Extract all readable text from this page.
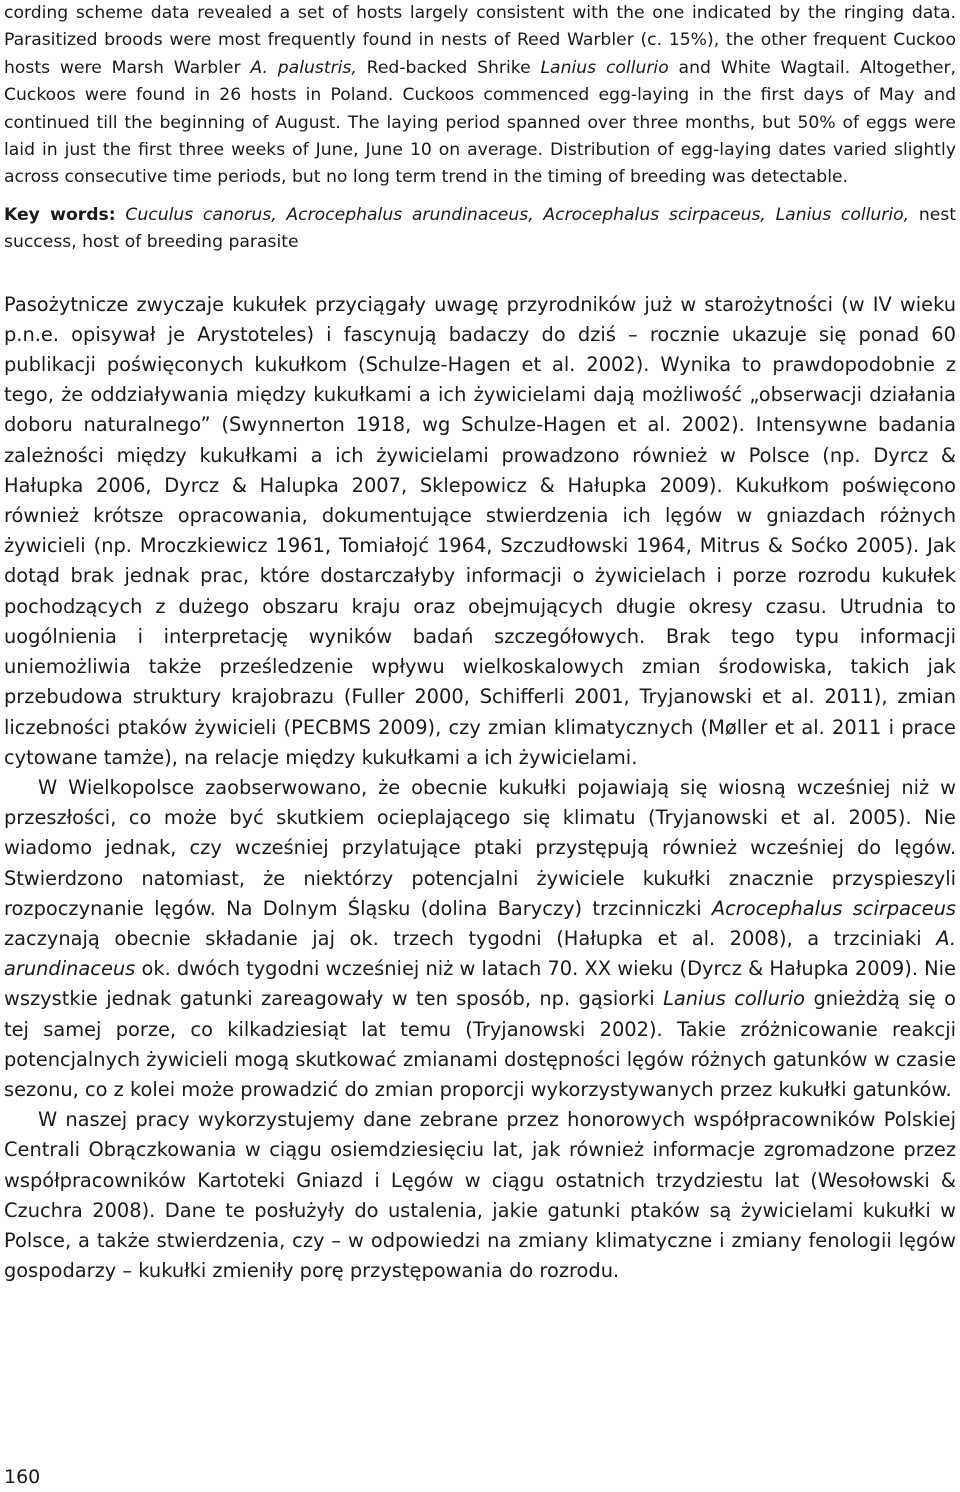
cording scheme data revealed a set of hosts largely consistent with the one indicated by the ringing data. Parasitized broods were most frequently found in nests of Reed Warbler (c. 15%), the other frequent Cuckoo hosts were Marsh Warbler A. palustris, Red-backed Shrike Lanius collurio and White Wagtail. Altogether, Cuckoos were found in 26 hosts in Poland. Cuckoos commenced egg-laying in the first days of May and continued till the beginning of August. The laying period spanned over three months, but 50% of eggs were laid in just the first three weeks of June, June 10 on average. Distribution of egg-laying dates varied slightly across consecutive time periods, but no long term trend in the timing of breeding was detectable.

Key words: Cuculus canorus, Acrocephalus arundinaceus, Acrocephalus scirpaceus, Lanius collurio, nest success, host of breeding parasite

Pasożytnicze zwyczaje kukułek przyciągały uwagę przyrodników już w starożytności (w IV wieku p.n.e. opisywał je Arystoteles) i fascynują badaczy do dziś – rocznie ukazuje się ponad 60 publikacji poświęconych kukułkom (Schulze-Hagen et al. 2002). Wynika to prawdopodobnie z tego, że oddziaływania między kukułkami a ich żywicielami dają możliwość „obserwacji działania doboru naturalnego” (Swynnerton 1918, wg Schulze-Hagen et al. 2002). Intensywne badania zależności między kukułkami a ich żywicielami prowadzono również w Polsce (np. Dyrcz & Hałupka 2006, Dyrcz & Halupka 2007, Sklepowicz & Hałupka 2009). Kukułkom poświęcono również krótsze opracowania, dokumentujące stwierdzenia ich lęgów w gniazdach różnych żywicieli (np. Mroczkiewicz 1961, Tomiałojć 1964, Szczudłowski 1964, Mitrus & Soćko 2005). Jak dotąd brak jednak prac, które dostarczałyby informacji o żywicielach i porze rozrodu kukułek pochodzących z dużego obszaru kraju oraz obejmujących długie okresy czasu. Utrudnia to uogólnienia i interpretację wyników badań szczegółowych. Brak tego typu informacji uniemożliwia także prześledzenie wpływu wielkoskalowych zmian środowiska, takich jak przebudowa struktury krajobrazu (Fuller 2000, Schifferli 2001, Tryjanowski et al. 2011), zmian liczebności ptaków żywicieli (PECBMS 2009), czy zmian klimatycznych (Møller et al. 2011 i prace cytowane tamże), na relacje między kukułkami a ich żywicielami.

W Wielkopolsce zaobserwowano, że obecnie kukułki pojawiają się wiosną wcześniej niż w przeszłości, co może być skutkiem ocieplającego się klimatu (Tryjanowski et al. 2005). Nie wiadomo jednak, czy wcześniej przylatujące ptaki przystępują również wcześniej do lęgów. Stwierdzono natomiast, że niektórzy potencjalni żywiciele kukułki znacznie przyspieszyli rozpoczynanie lęgów. Na Dolnym Śląsku (dolina Baryczy) trzcinniczki Acrocephalus scirpaceus zaczynają obecnie składanie jaj ok. trzech tygodni (Hałupka et al. 2008), a trzciniaki A. arundinaceus ok. dwóch tygodni wcześniej niż w latach 70. XX wieku (Dyrcz & Hałupka 2009). Nie wszystkie jednak gatunki zareagowały w ten sposób, np. gąsiorki Lanius collurio gnieżdżą się o tej samej porze, co kilkadziesiąt lat temu (Tryjanowski 2002). Takie zróżnicowanie reakcji potencjalnych żywicieli mogą skutkować zmianami dostępności lęgów różnych gatunków w czasie sezonu, co z kolei może prowadzić do zmian proporcji wykorzystywanych przez kukułki gatunków.

W naszej pracy wykorzystujemy dane zebrane przez honorowych współpracowników Polskiej Centrali Obrączkowania w ciągu osiemdziesięciu lat, jak również informacje zgromadzone przez współpracowników Kartoteki Gniazd i Lęgów w ciągu ostatnich trzydziestu lat (Wesołowski & Czuchra 2008). Dane te posłużyły do ustalenia, jakie gatunki ptaków są żywicielami kukułki w Polsce, a także stwierdzenia, czy – w odpowiedzi na zmiany klimatyczne i zmiany fenologii lęgów gospodarzy – kukułki zmieniły porę przystępowania do rozrodu.

160
